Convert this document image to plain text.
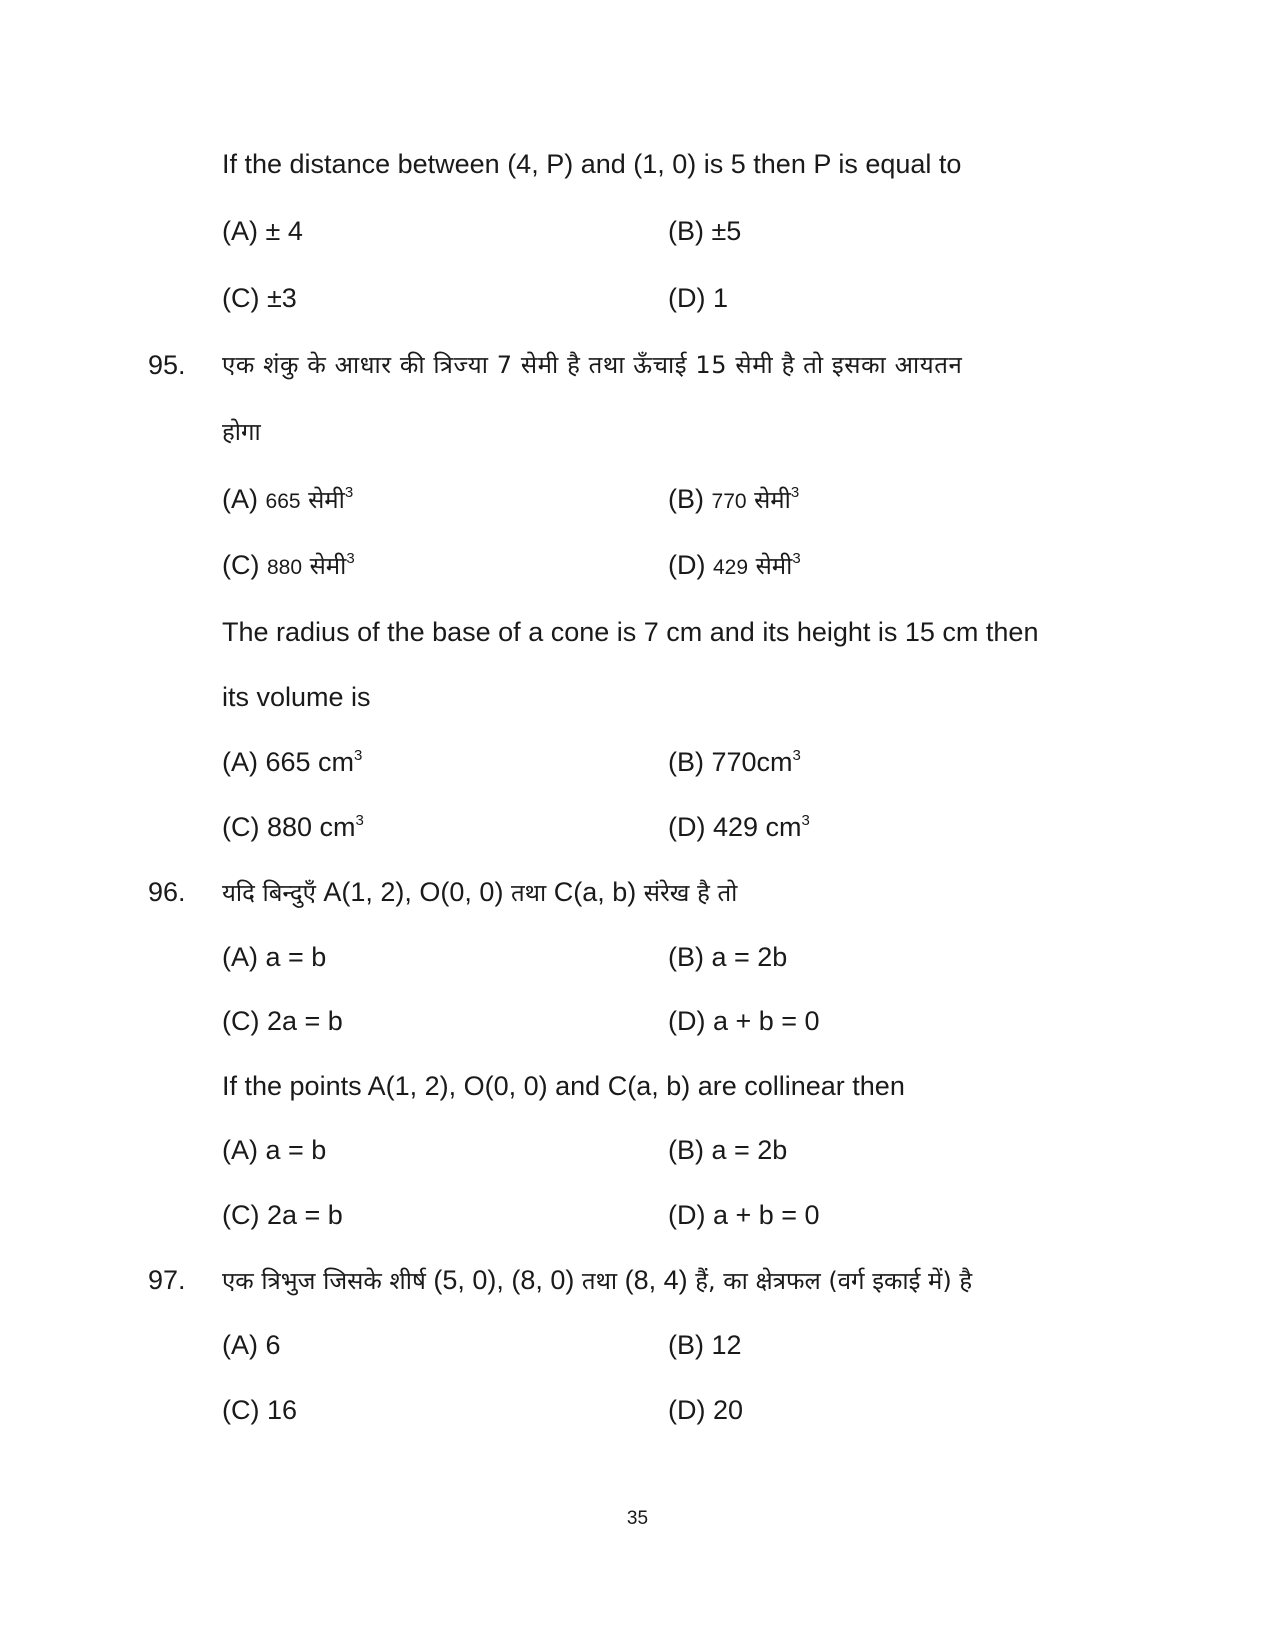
If the distance between (4, P) and (1, 0) is 5 then P is equal to
(A) ± 4	(B) ±5
(C) ±3	(D) 1
95. एक शंकु के आधार की त्रिज्या 7 सेमी है तथा ऊँचाई 15 सेमी है तो इसका आयतन
होगा
(A) 665 सेमी$^3$	(B) 770 सेमी$^3$
(C) 880 सेमी$^3$	(D) 429 सेमी$^3$
The radius of the base of a cone is 7 cm and its height is 15 cm then
its volume is
(A) 665 $cm^3$	(B) $770cm^3$
(C) 880 $cm^3$	(D) 429 $cm^3$
96. यदि बिन्दुएँ A(1, 2), O(0, 0) तथा C(a, b) संरेख है तो
(A) a = b	(B) a = 2b
(C) 2a = b	(D) a + b = 0
If the points A(1, 2), O(0, 0) and C(a, b) are collinear then
(A) a = b	(B) a = 2b
(C) 2a = b	(D) a + b = 0
97. एक त्रिभुज जिसके शीर्ष (5, 0), (8, 0) तथा (8, 4) हैं, का क्षेत्रफल (वर्ग इकाई में) है
(A) 6	(B) 12
(C) 16	(D) 20
35
